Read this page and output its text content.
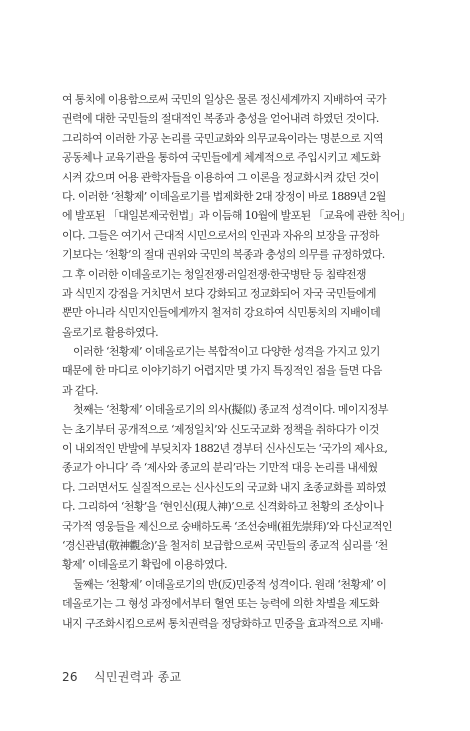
여 통치에 이용함으로써 국민의 일상은 물론 정신세계까지 지배하여 국가
권력에 대한 국민들의 절대적인 복종과 충성을 얻어내려 하였던 것이다.
그리하여 이러한 가공 논리를 국민교화와 의무교육이라는 명분으로 지역
공동체나 교육기관을 통하여 국민들에게 체계적으로 주입시키고 제도화
시켜 갔으며 어용 관학자들을 이용하여 그 이론을 정교화시켜 갔던 것이
다. 이러한 ‘천황제’ 이데올로기를 법제화한 2대 장정이 바로 1889년 2월
에 발포된 「대일본제국헌법」과 이듬해 10월에 발포된 「교육에 관한 칙어」
이다. 그들은 여기서 근대적 시민으로서의 인권과 자유의 보장을 규정하
기보다는 ‘천황’의 절대 권위와 국민의 복종과 충성의 의무를 규정하였다.
그 후 이러한 이데올로기는 청일전쟁·러일전쟁·한국병탄 등 침략전쟁
과 식민지 강점을 거치면서 보다 강화되고 정교화되어 자국 국민들에게
뿐만 아니라 식민지인들에게까지 철저히 강요하여 식민통치의 지배이데
올로기로 활용하였다.
이러한 ‘천황제’ 이데올로기는 복합적이고 다양한 성격을 가지고 있기
때문에 한 마디로 이야기하기 어렵지만 몇 가지 특징적인 점을 들면 다음
과 같다.
첫째는 ‘천황제’ 이데올로기의 의사(擬似) 종교적 성격이다. 메이지정부
는 초기부터 공개적으로 ‘제정일치’와 신도국교화 정책을 취하다가 이것
이 내외적인 반발에 부딪치자 1882년 경부터 신사신도는 ‘국가의 제사요,
종교가 아니다’ 즉 ‘제사와 종교의 분리’라는 기만적 대응 논리를 내세웠
다. 그러면서도 실질적으로는 신사신도의 국교화 내지 초종교화를 꾀하였
다. 그리하여 ‘천황’을 ‘현인신(現人神)’으로 신격화하고 천황의 조상이나
국가적 영웅들을 제신으로 숭배하도록 ‘조선숭배(祖先崇拜)’와 다신교적인
‘경신관념(敬神觀念)’을 철저히 보급함으로써 국민들의 종교적 심리를 ‘천
황제’ 이데올로기 확립에 이용하였다.
둘째는 ‘천황제’ 이데올로기의 반(反)민중적 성격이다. 원래 ‘천황제’ 이
데올로기는 그 형성 과정에서부터 혈연 또는 능력에 의한 차별을 제도화
내지 구조화시킴으로써 통치권력을 정당화하고 민중을 효과적으로 지배·
26 식민권력과 종교
